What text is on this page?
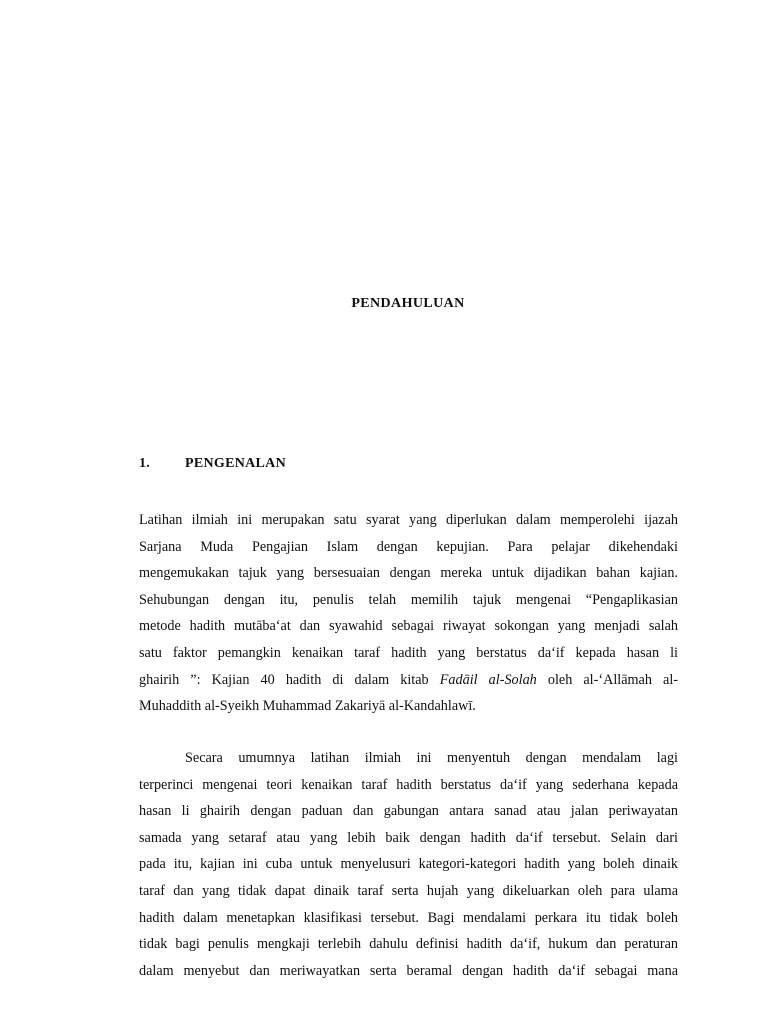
PENDAHULUAN
1. PENGENALAN
Latihan ilmiah ini merupakan satu syarat yang diperlukan dalam memperolehi ijazah
Sarjana Muda Pengajian Islam dengan kepujian. Para pelajar dikehendaki
mengemukakan tajuk yang bersesuaian dengan mereka untuk dijadikan bahan kajian.
Sehubungan dengan itu, penulis telah memilih tajuk mengenai “Pengaplikasian
metode hadith mutāba‘at dan syawahid sebagai riwayat sokongan yang menjadi salah
satu faktor pemangkin kenaikan taraf hadith yang berstatus da‘if kepada hasan li
ghairih ”: Kajian 40 hadith di dalam kitab Fadāil al-Solah oleh al-‘Allāmah al-
Muhaddith al-Syeikh Muhammad Zakariyā al-Kandahlawī.
Secara umumnya latihan ilmiah ini menyentuh dengan mendalam lagi
terperinci mengenai teori kenaikan taraf hadith berstatus da‘if yang sederhana kepada
hasan li ghairih dengan paduan dan gabungan antara sanad atau jalan periwayatan
samada yang setaraf atau yang lebih baik dengan hadith da‘if tersebut. Selain dari
pada itu, kajian ini cuba untuk menyelusuri kategori-kategori hadith yang boleh dinaik
taraf dan yang tidak dapat dinaik taraf serta hujah yang dikeluarkan oleh para ulama
hadith dalam menetapkan klasifikasi tersebut. Bagi mendalami perkara itu tidak boleh
tidak bagi penulis mengkaji terlebih dahulu definisi hadith da‘if, hukum dan peraturan
dalam menyebut dan meriwayatkan serta beramal dengan hadith da‘if sebagai mana
